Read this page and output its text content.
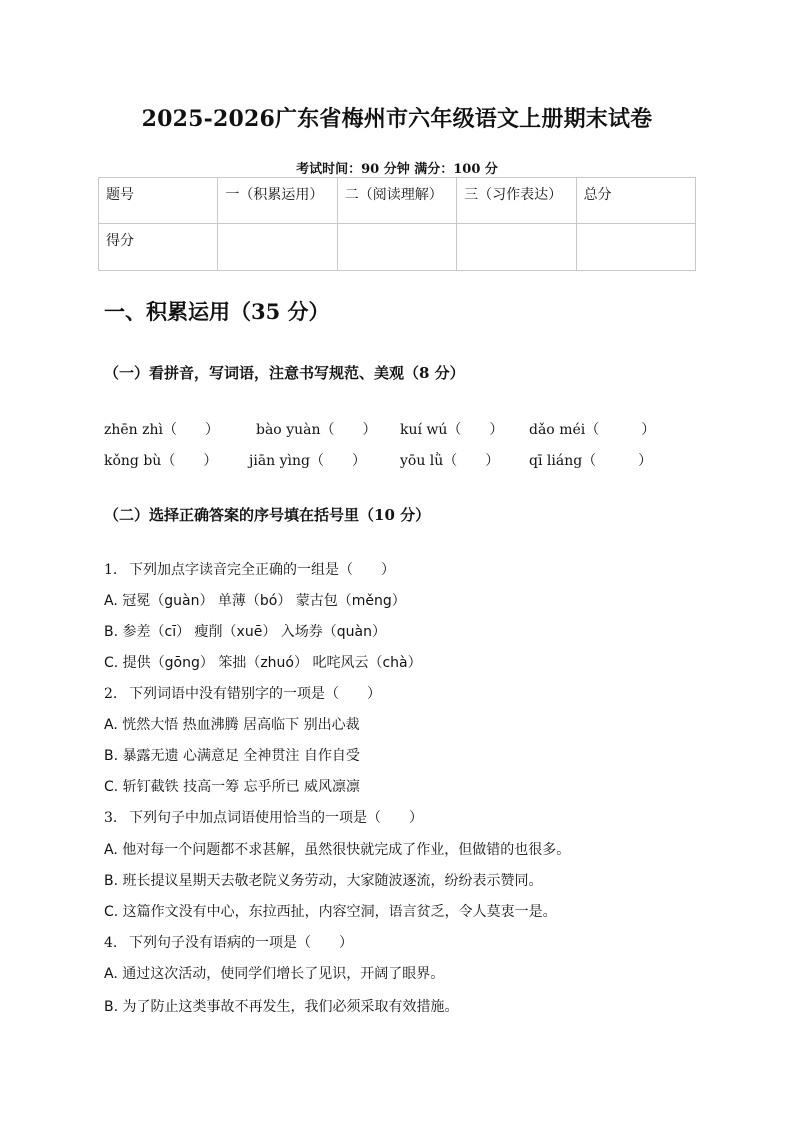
2025-2026广东省梅州市六年级语文上册期末试卷
考试时间：90 分钟 满分：100 分
题号	一（积累运用）	二（阅读理解）	三（习作表达）	总分
得分				
一、积累运用（35 分）
（一）看拼音，写词语，注意书写规范、美观（8 分）
zhēn zhì（　　）	bào yuàn（　　） kuí wú（　　） dǎo méi（　　　）
kǒng bù（　　） jiān yìng（　　） yōu lǜ（　　） qī liáng（　　　）
（二）选择正确答案的序号填在括号里（10 分）
1. 下列加点字读音完全正确的一组是（　　）
A. 冠冕（guàn） 单薄（bó） 蒙古包（měng）
B. 参差（cī） 瘦削（xuē） 入场券（quàn）
C. 提供（gōng） 笨拙（zhuó） 叱咤风云（chà）
2. 下列词语中没有错别字的一项是（　　）
A. 恍然大悟 热血沸腾 居高临下 别出心裁
B. 暴露无遗 心满意足 全神贯注 自作自受
C. 斩钉截铁 技高一筹 忘乎所已 威风凛凛
3. 下列句子中加点词语使用恰当的一项是（　　）
A. 他对每一个问题都不求甚解，虽然很快就完成了作业，但做错的也很多。
B. 班长提议星期天去敬老院义务劳动，大家随波逐流，纷纷表示赞同。
C. 这篇作文没有中心，东拉西扯，内容空洞，语言贫乏，令人莫衷一是。
4. 下列句子没有语病的一项是（　　）
A. 通过这次活动，使同学们增长了见识，开阔了眼界。
B. 为了防止这类事故不再发生，我们必须采取有效措施。
